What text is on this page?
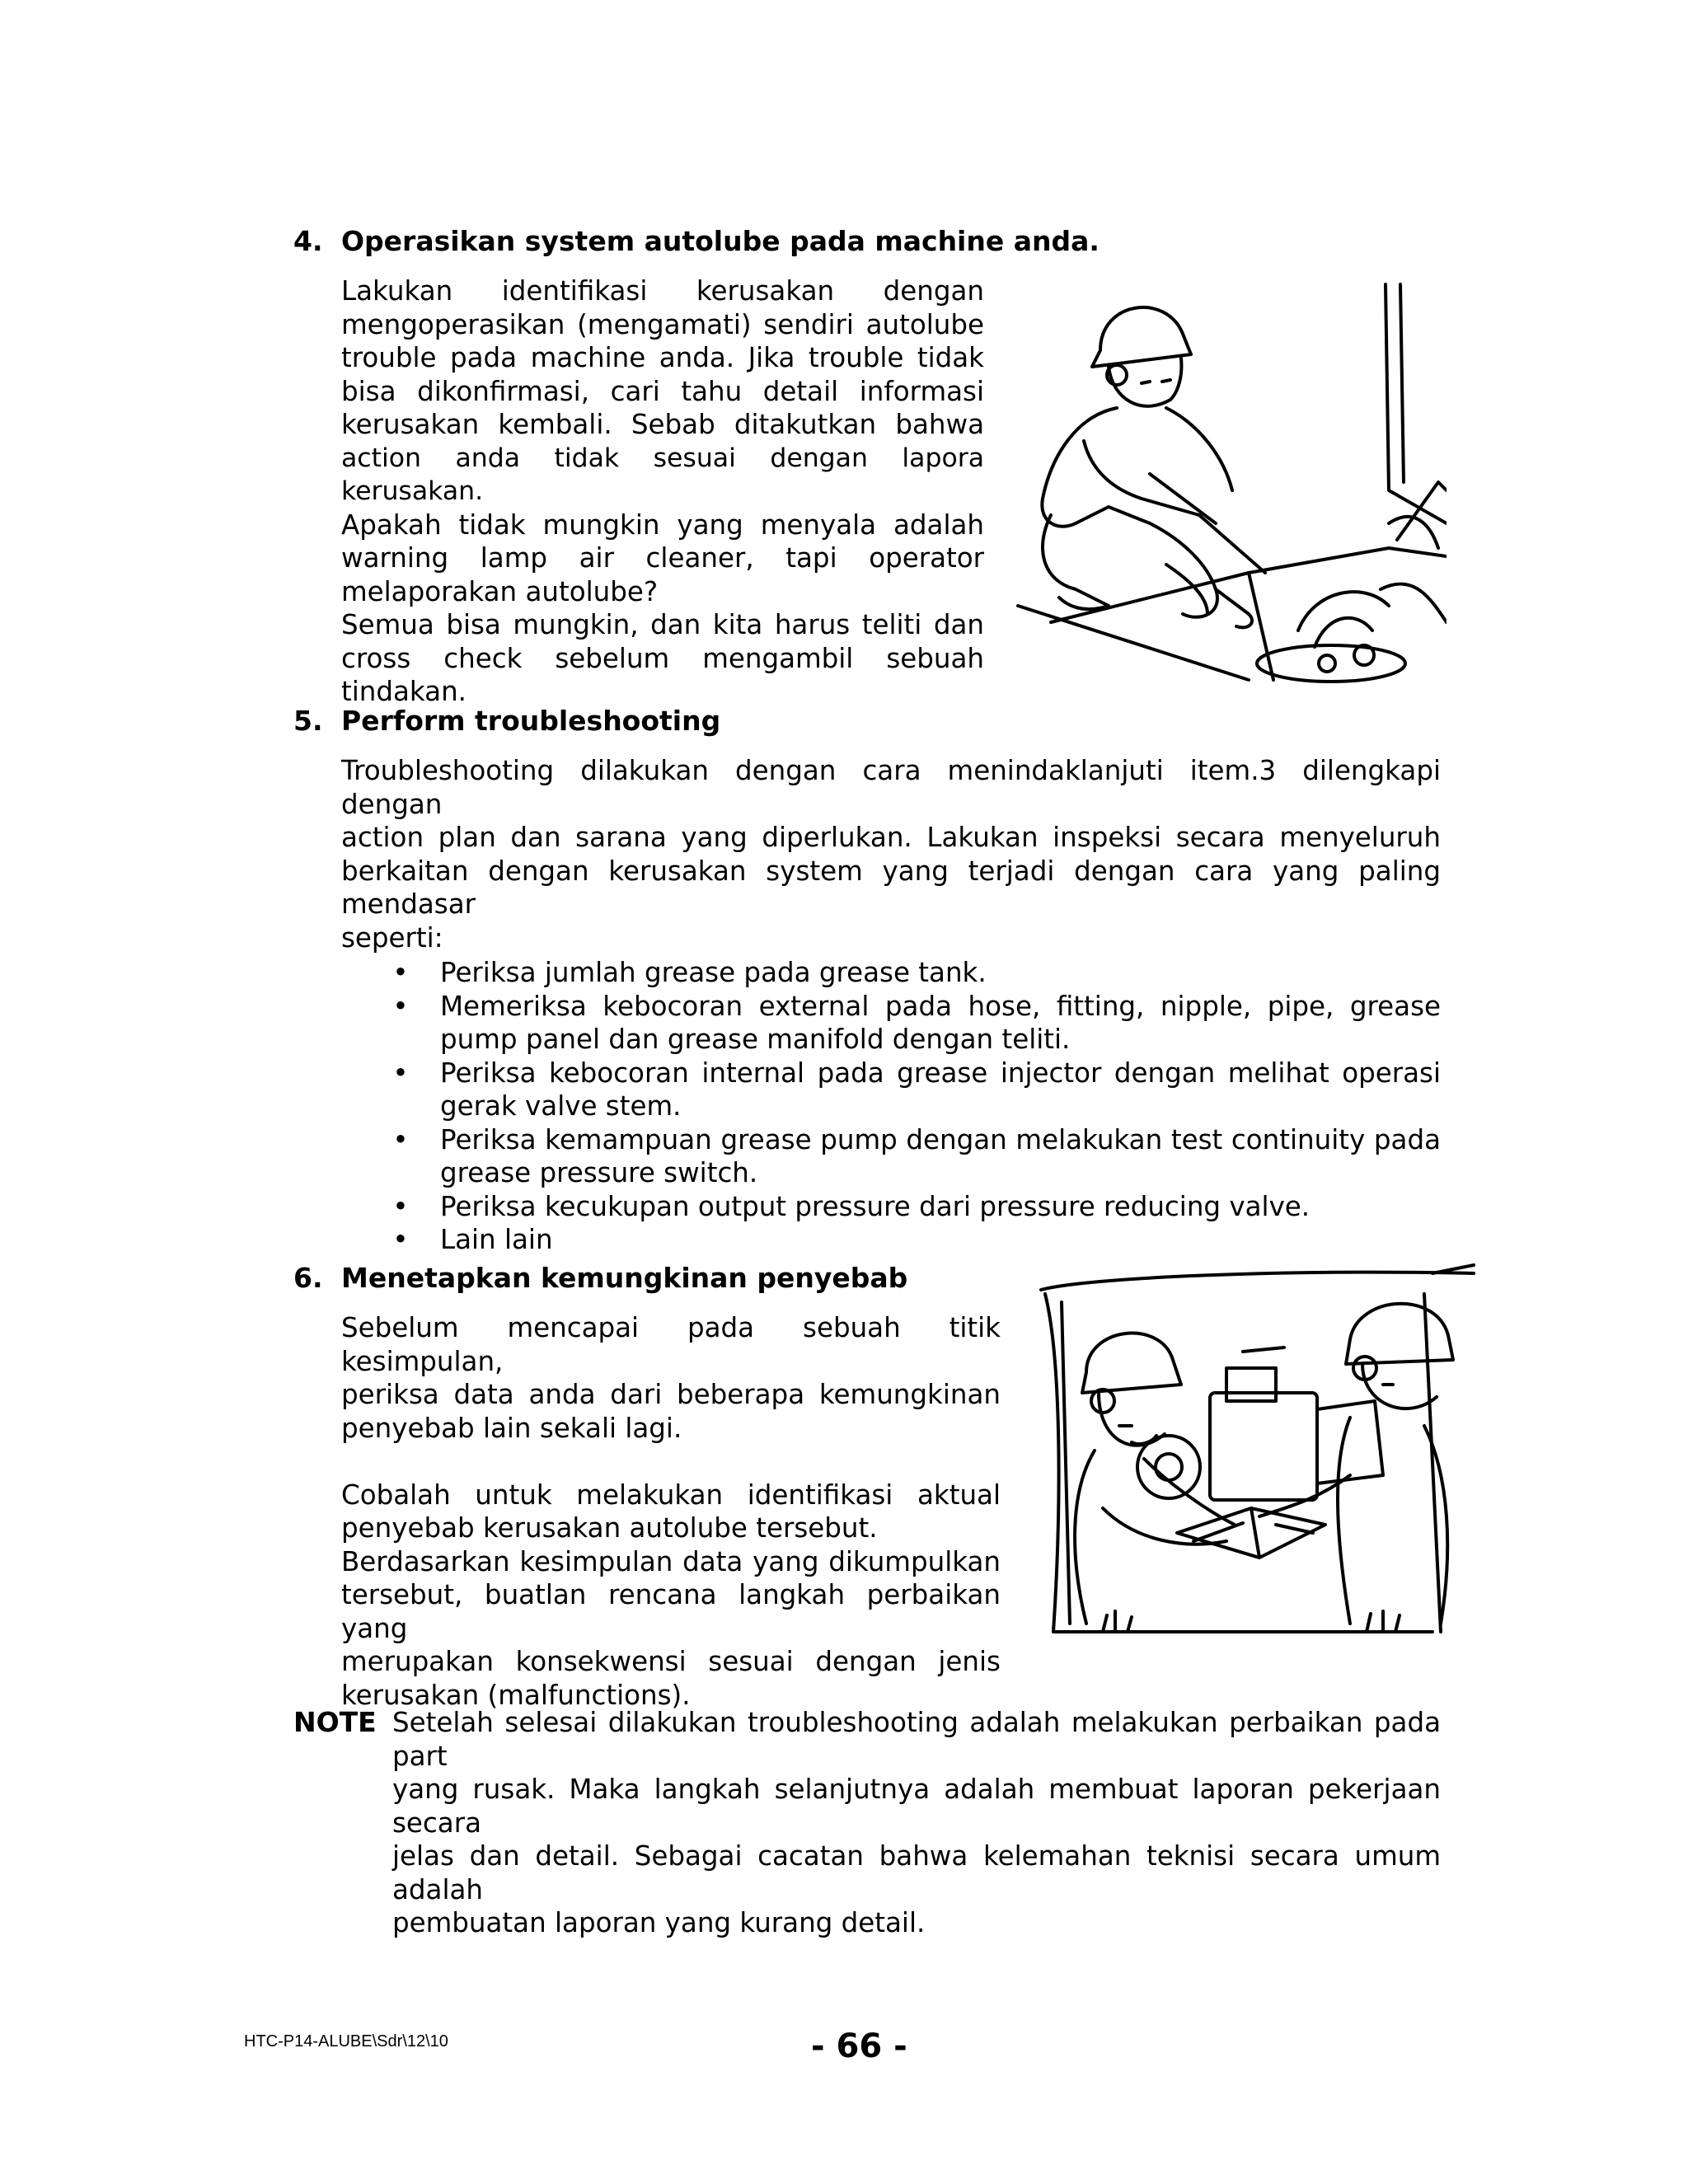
4. Operasikan system autolube pada machine anda.

Lakukan identifikasi kerusakan dengan

mengoperasikan (mengamati) sendiri autolube

trouble pada machine anda. Jika trouble tidak

bisa dikonfirmasi, cari tahu detail informasi

kerusakan kembali. Sebab ditakutkan bahwa

action anda tidak sesuai dengan lapora kerusakan.

Apakah tidak mungkin yang menyala adalah

warning lamp air cleaner, tapi operator

melaporakan autolube?

Semua bisa mungkin, dan kita harus teliti dan

cross check sebelum mengambil sebuah tindakan.

5. Perform troubleshooting

Troubleshooting dilakukan dengan cara menindaklanjuti item.3 dilengkapi dengan

action plan dan sarana yang diperlukan. Lakukan inspeksi secara menyeluruh

berkaitan dengan kerusakan system yang terjadi dengan cara yang paling mendasar

seperti:

• Periksa jumlah grease pada grease tank.
• Memeriksa kebocoran external pada hose, fitting, nipple, pipe, grease pump panel dan grease manifold dengan teliti.
• Periksa kebocoran internal pada grease injector dengan melihat operasi gerak valve stem.
• Periksa kemampuan grease pump dengan melakukan test continuity pada grease pressure switch.
• Periksa kecukupan output pressure dari pressure reducing valve.
• Lain lain
6. Menetapkan kemungkinan penyebab

Sebelum mencapai pada sebuah titik kesimpulan,

periksa data anda dari beberapa kemungkinan

penyebab lain sekali lagi.

Cobalah untuk melakukan identifikasi aktual

penyebab kerusakan autolube tersebut.

Berdasarkan kesimpulan data yang dikumpulkan

tersebut, buatlan rencana langkah perbaikan yang

merupakan konsekwensi sesuai dengan jenis

kerusakan (malfunctions).

NOTE Setelah selesai dilakukan troubleshooting adalah melakukan perbaikan pada part

yang rusak. Maka langkah selanjutnya adalah membuat laporan pekerjaan secara

jelas dan detail. Sebagai cacatan bahwa kelemahan teknisi secara umum adalah

pembuatan laporan yang kurang detail.

HTC-P14-ALUBE\Sdr\12\10	- 66 -
